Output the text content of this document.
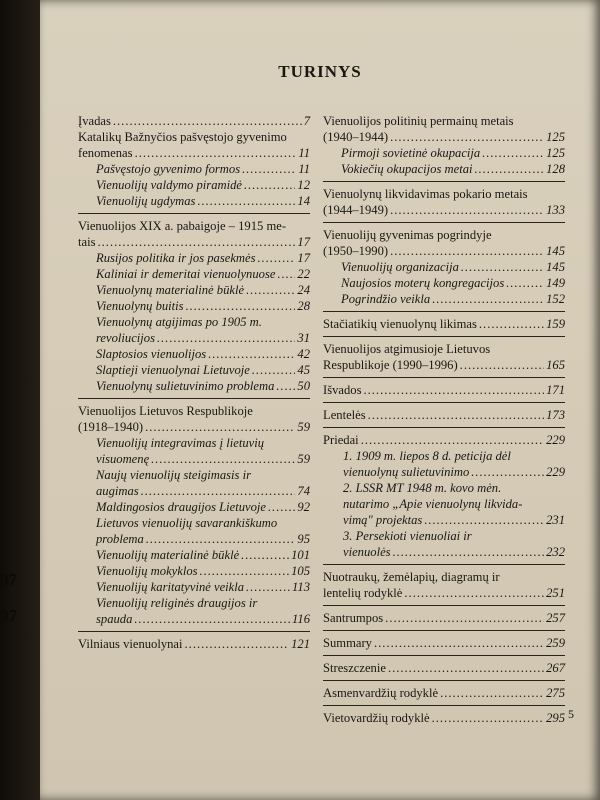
97
97
TURINYS
Įvadas .....	7
Katalikų Bažnyčios pašvęstojo gyvenimo
fenomenas .....	11
Pašvęstojo gyvenimo formos .....	11
Vienuolijų valdymo piramidė .....	12
Vienuolijų ugdymas .....	14
Vienuolijos XIX a. pabaigoje – 1915 me-
tais .....	17
Rusijos politika ir jos pasekmės .....	17
Kaliniai ir demeritai vienuolynuose ..... 22
Vienuolynų materialinė būklė .....	24
Vienuolynų buitis .....	28
Vienuolynų atgijimas po 1905 m.
revoliucijos .....	31
Slaptosios vienuolijos .....	42
Slaptieji vienuolynai Lietuvoje .....	45
Vienuolynų sulietuvinimo problema ..... 50
Vienuolijos Lietuvos Respublikoje
(1918–1940) .....	59
Vienuolijų integravimas į lietuvių
visuomenę .....	59
Naujų vienuolijų steigimasis ir
augimas .....	74
Maldingosios draugijos Lietuvoje ..... 92
Lietuvos vienuolijų savarankiškumo
problema .....	95
Vienuolijų materialinė būklė .....	101
Vienuolijų mokyklos .....	105
Vienuolijų karitatyvinė veikla .....	113
Vienuolijų religinės draugijos ir
spauda .....	116
Vilniaus vienuolynai .....	121
Vienuolijos politinių permainų metais
(1940–1944) .....	125
Pirmoji sovietinė okupacija .....	125
Vokiečių okupacijos metai .....	128
Vienuolynų likvidavimas pokario metais
(1944–1949) .....	133
Vienuolijų gyvenimas pogrindyje
(1950–1990) .....	145
Vienuolijų organizacija .....	145
Naujosios moterų kongregacijos .....	149
Pogrindžio veikla .....	152
Stačiatikių vienuolynų likimas .....	159
Vienuolijos atgimusioje Lietuvos
Respublikoje (1990–1996) .....	165
Išvados .....	171
Lentelės .....	173
Priedai .....	229
1. 1909 m. liepos 8 d. peticija dėl
vienuolynų sulietuvinimo .....	229
2. LSSR MT 1948 m. kovo mėn.
nutarimo „Apie vienuolynų likvida-
vimą" projektas .....	231
3. Persekioti vienuoliai ir
vienuolės .....	232
Nuotraukų, žemėlapių, diagramų ir
lentelių rodyklė .....	251
Santrumpos .....	257
Summary .....	259
Streszczenie .....	267
Asmenvardžių rodyklė .....	275
Vietovardžių rodyklė .....	295 5
